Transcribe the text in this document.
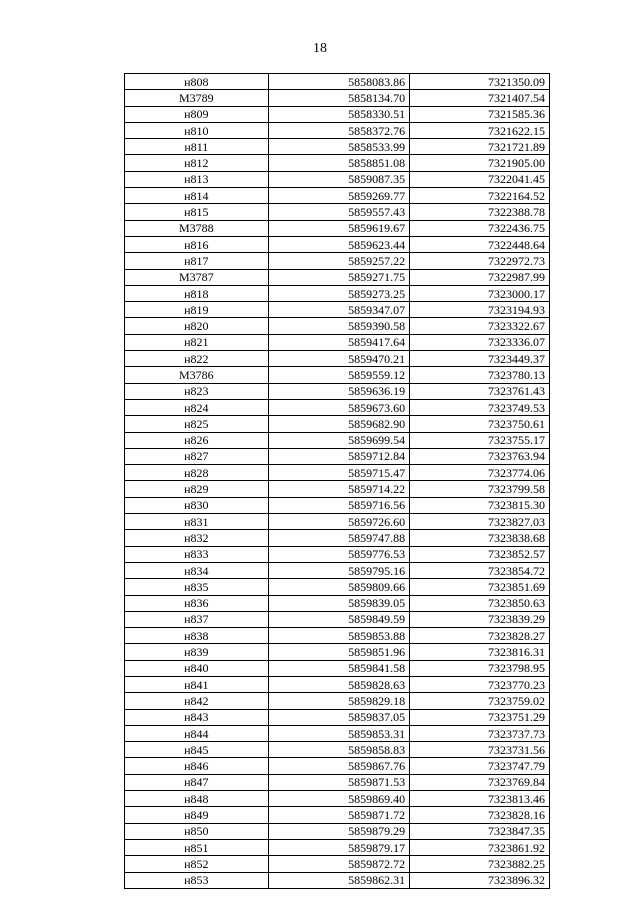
18
н808	5858083.86	7321350.09
М3789	5858134.70	7321407.54
н809	5858330.51	7321585.36
н810	5858372.76	7321622.15
н811	5858533.99	7321721.89
н812	5858851.08	7321905.00
н813	5859087.35	7322041.45
н814	5859269.77	7322164.52
н815	5859557.43	7322388.78
М3788	5859619.67	7322436.75
н816	5859623.44	7322448.64
н817	5859257.22	7322972.73
М3787	5859271.75	7322987.99
н818	5859273.25	7323000.17
н819	5859347.07	7323194.93
н820	5859390.58	7323322.67
н821	5859417.64	7323336.07
н822	5859470.21	7323449.37
М3786	5859559.12	7323780.13
н823	5859636.19	7323761.43
н824	5859673.60	7323749.53
н825	5859682.90	7323750.61
н826	5859699.54	7323755.17
н827	5859712.84	7323763.94
н828	5859715.47	7323774.06
н829	5859714.22	7323799.58
н830	5859716.56	7323815.30
н831	5859726.60	7323827.03
н832	5859747.88	7323838.68
н833	5859776.53	7323852.57
н834	5859795.16	7323854.72
н835	5859809.66	7323851.69
н836	5859839.05	7323850.63
н837	5859849.59	7323839.29
н838	5859853.88	7323828.27
н839	5859851.96	7323816.31
н840	5859841.58	7323798.95
н841	5859828.63	7323770.23
н842	5859829.18	7323759.02
н843	5859837.05	7323751.29
н844	5859853.31	7323737.73
н845	5859858.83	7323731.56
н846	5859867.76	7323747.79
н847	5859871.53	7323769.84
н848	5859869.40	7323813.46
н849	5859871.72	7323828.16
н850	5859879.29	7323847.35
н851	5859879.17	7323861.92
н852	5859872.72	7323882.25
н853	5859862.31	7323896.32
